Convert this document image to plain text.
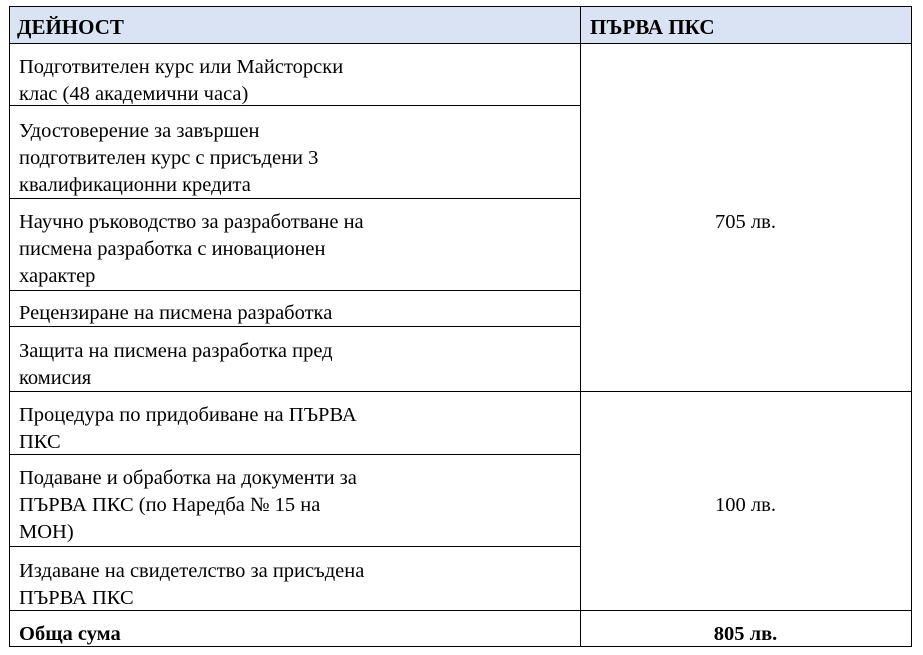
ДЕЙНОСТ	ПЪРВА ПКС
Подготвителен курс или Майсторски
клас (48 академични часа)
Удостоверение за завършен
подготвителен курс с присъдени 3
квалификационни кредита
Научно ръководство за разработване на
писмена разработка с иновационен
характер
Рецензиране на писмена разработка
Защита на писмена разработка пред
комисия
705 лв.
Процедура по придобиване на ПЪРВА
ПКС
Подаване и обработка на документи за
ПЪРВА ПКС (по Наредба № 15 на
МОН)
Издаване на свидетелство за присъдена
ПЪРВА ПКС
100 лв.
Обща сума	805 лв.
